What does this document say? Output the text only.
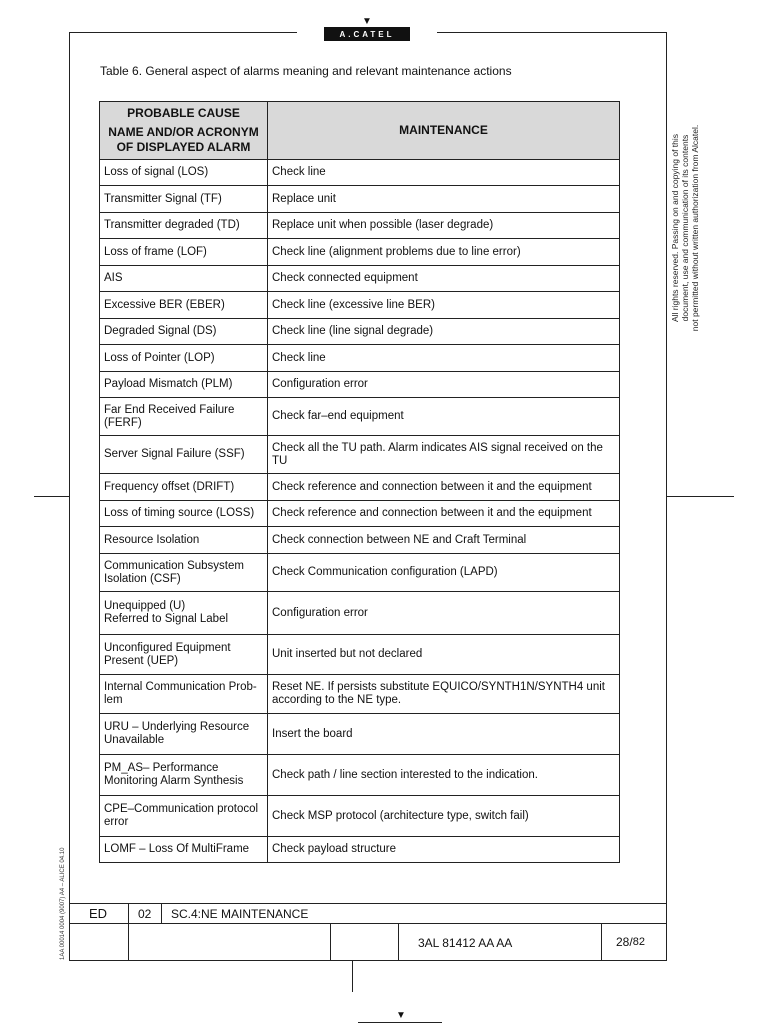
▼
▼
A.CATEL
Table 6. General aspect of alarms meaning and relevant maintenance actions
PROBABLE CAUSE
NAME AND/OR ACRONYM
OF DISPLAYED ALARM	MAINTENANCE
Loss of signal (LOS)	Check line
Transmitter Signal (TF)	Replace unit
Transmitter degraded (TD)	Replace unit when possible (laser degrade)
Loss of frame (LOF)	Check line (alignment problems due to line error)
AIS	Check connected equipment
Excessive BER (EBER)	Check line (excessive line BER)
Degraded Signal (DS)	Check line (line signal degrade)
Loss of Pointer (LOP)	Check line
Payload Mismatch (PLM)	Configuration error
Far End Received Failure (FERF)	Check far–end equipment
Server Signal Failure (SSF)	Check all the TU path. Alarm indicates AIS signal received on the TU
Frequency offset (DRIFT)	Check reference and connection between it and the equipment
Loss of timing source (LOSS)	Check reference and connection between it and the equipment
Resource Isolation	Check connection between NE and Craft Terminal
Communication Subsystem Isolation (CSF)	Check Communication configuration (LAPD)
Unequipped (U)
Referred to Signal Label	Configuration error
Unconfigured Equipment Present (UEP)	Unit inserted but not declared
Internal Communication Prob-lem	Reset NE. If persists substitute EQUICO/SYNTH1N/SYNTH4 unit according to the NE type.
URU – Underlying Resource Unavailable	Insert the board
PM_AS– Performance Monitoring Alarm Synthesis	Check path / line section interested to the indication.
CPE–Communication protocol error	Check MSP protocol (architecture type, switch fail)
LOMF – Loss Of MultiFrame	Check payload structure
All rights reserved. Passing on and copying of this document, use and communication of its contents not permitted without written authorization from Alcatel.
1AA 00014 0004 (9007) A4 – ALICE 04.10 ED	02 SC.4:NE MAINTENANCE
3AL 81412 AA AA	28/$^{82}$
